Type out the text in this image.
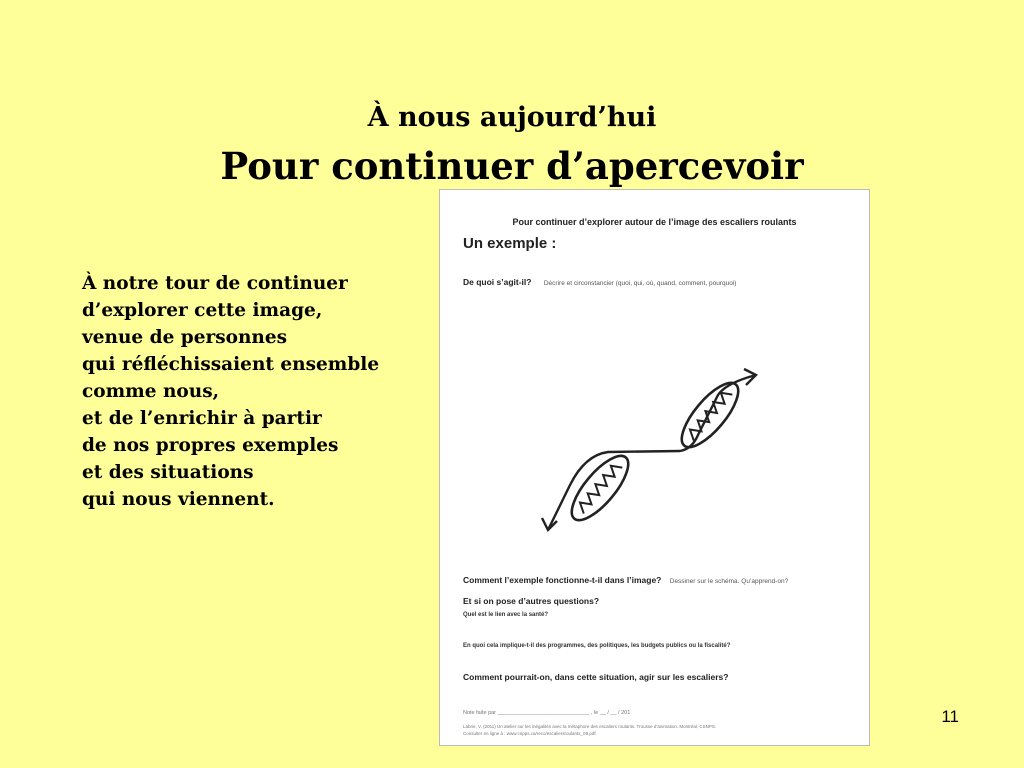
À nous aujourd’hui
Pour continuer d’apercevoir
À notre tour de continuer
d’explorer cette image,
venue de personnes
qui réfléchissaient ensemble
comme nous,
et de l’enrichir à partir
de nos propres exemples
et des situations
qui nous viennent.
Pour continuer d’explorer autour de l’image des escaliers roulants
Un exemple :
De quoi s’agit-il? Décrire et circonstancier (quoi, qui, où, quand, comment, pourquoi)
Comment l’exemple fonctionne-t-il dans l’image? Dessiner sur le schéma. Qu’apprend-on?
Et si on pose d’autres questions?
Quel est le lien avec la santé?
En quoi cela implique-t-il des programmes, des politiques, les budgets publics ou la fiscalité?
Comment pourrait-on, dans cette situation, agir sur les escaliers?
Note faite par ______________________________ , le __ / __ / 201
Labrie, V. (2011) Un atelier sur les inégalités avec la métaphore des escaliers roulants. Trousse d’animation. Montréal, CSNPS.
Consulter en ligne à : www.cnpps.ca/reco/escaliersroulants_09.pdf
11
